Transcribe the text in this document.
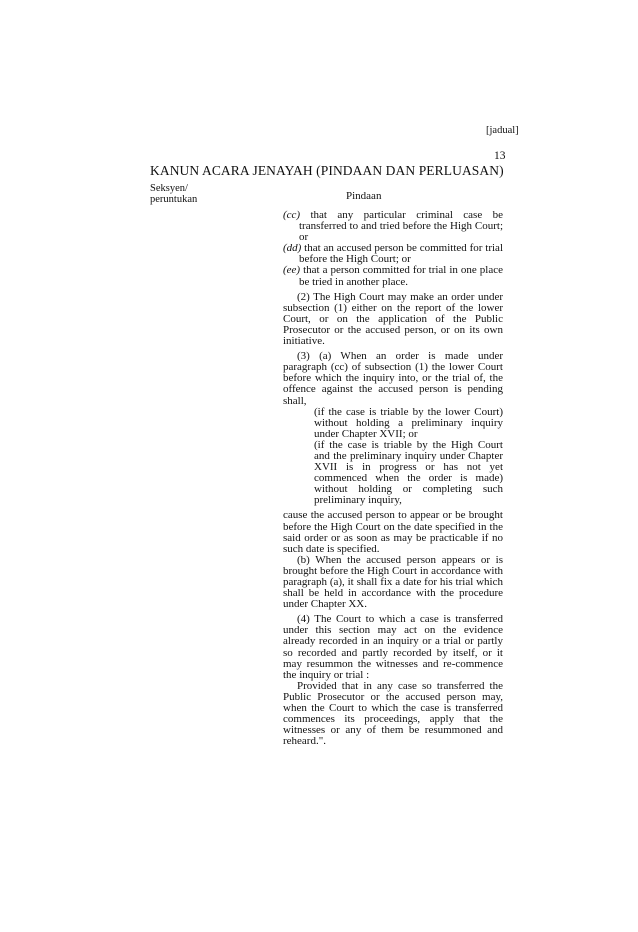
[jadual]
13
KANUN ACARA JENAYAH (PINDAAN DAN PERLUASAN)
Seksyen/
peruntukan	Pindaan

(cc) that any particular criminal case be transferred to and tried before the High Court; or

(dd) that an accused person be committed for trial before the High Court; or

(ee) that a person committed for trial in one place be tried in another place.

(2) The High Court may make an order under subsection (1) either on the report of the lower Court, or on the application of the Public Prosecutor or the accused person, or on its own initiative.

(3) (a) When an order is made under paragraph (cc) of subsection (1) the lower Court before which the inquiry into, or the trial of, the offence against the accused person is pending shall,

(if the case is triable by the lower Court) without holding a preliminary inquiry under Chapter XVII; or

(if the case is triable by the High Court and the preliminary inquiry under Chapter XVII is in progress or has not yet commenced when the order is made) without holding or completing such preliminary inquiry,

cause the accused person to appear or be brought before the High Court on the date specified in the said order or as soon as may be practicable if no such date is specified.

(b) When the accused person appears or is brought before the High Court in accordance with paragraph (a), it shall fix a date for his trial which shall be held in accordance with the procedure under Chapter XX.

(4) The Court to which a case is transferred under this section may act on the evidence already recorded in an inquiry or a trial or partly so recorded and partly recorded by itself, or it may resummon the witnesses and re-commence the inquiry or trial :

Provided that in any case so transferred the Public Prosecutor or the accused person may, when the Court to which the case is transferred commences its proceedings, apply that the witnesses or any of them be resummoned and reheard.".
